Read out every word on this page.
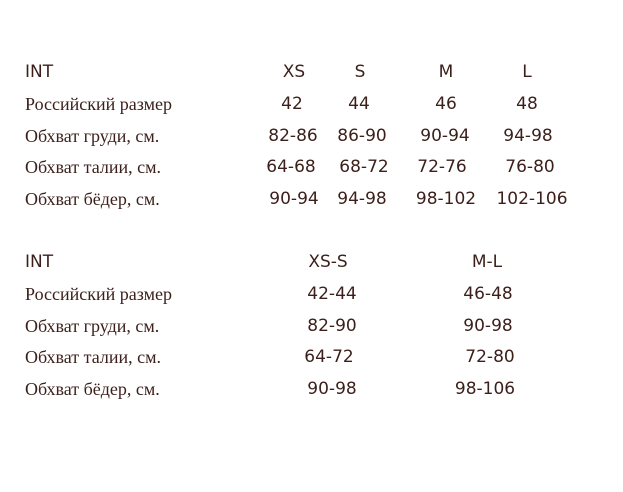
INT	XS	S	M	L
Российский размер	42	44	46	48
Обхват груди, см.	82-86 86-90 90-94 94-98
Обхват талии, см.	64-68 68-72 72-76 76-80
Обхват бёдер, см.	90-94 94-98 98-102 102-106
INT	XS-S	M-L
Российский размер	42-44	46-48
Обхват груди, см.	82-90	90-98
Обхват талии, см.	64-72	72-80
Обхват бёдер, см.	90-98	98-106
